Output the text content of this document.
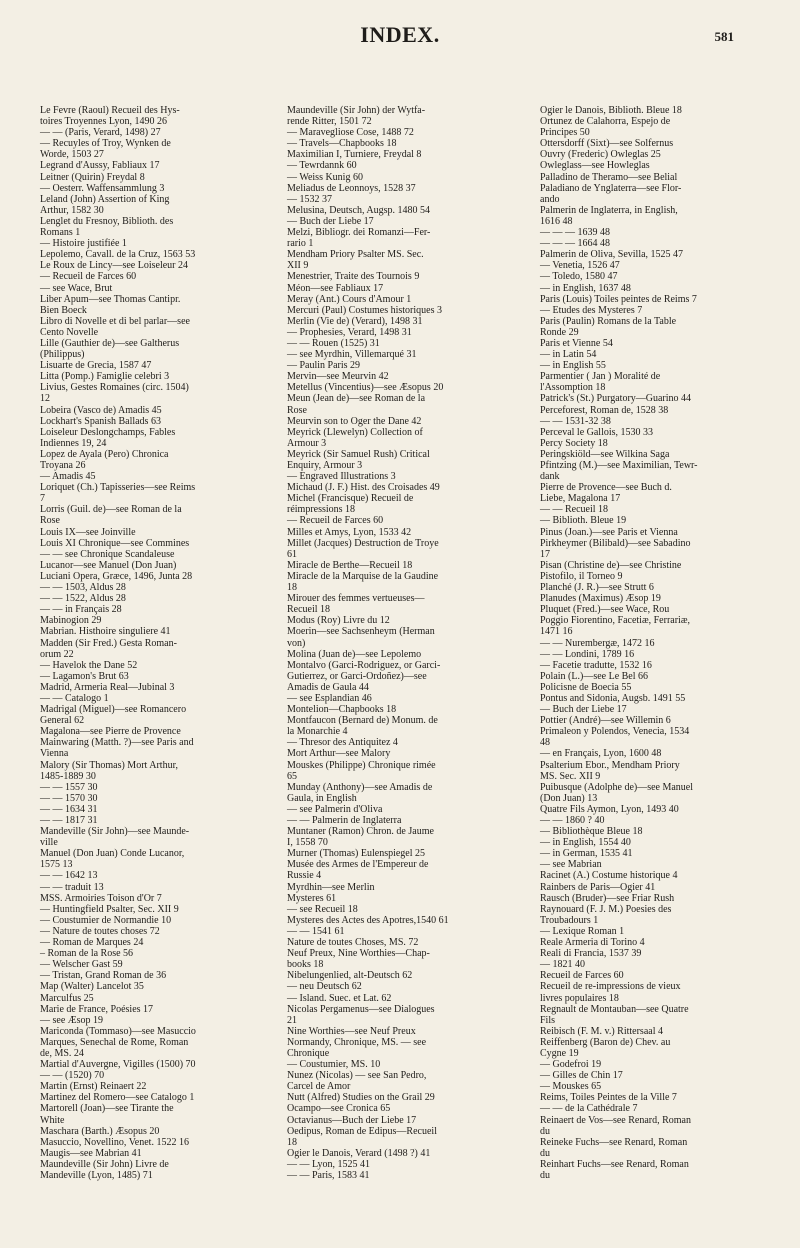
INDEX.	581
Le Fevre (Raoul) Recueil des Hys-
toires Troyennes Lyon, 1490 26
— — (Paris, Verard, 1498) 27
— Recuyles of Troy, Wynken de
Worde, 1503 27
Legrand d'Aussy, Fabliaux 17
Leitner (Quirin) Freydal 8
— Oesterr. Waffensammlung 3
Leland (John) Assertion of King
Arthur, 1582 30
Lenglet du Fresnoy, Biblioth. des
Romans 1
— Histoire justifiée 1
Lepolemo, Cavall. de la Cruz, 1563 53
Le Roux de Lincy—see Loiseleur 24
— Recueil de Farces 60
— see Wace, Brut
Liber Apum—see Thomas Cantipr.
Bien Boeck
Libro di Novelle et di bel parlar—see
Cento Novelle
Lille (Gauthier de)—see Galtherus
(Philippus)
Lisuarte de Grecia, 1587 47
Litta (Pomp.) Famiglie celebri 3
Livius, Gestes Romaines (circ. 1504)
12
Lobeira (Vasco de) Amadis 45
Lockhart's Spanish Ballads 63
Loiseleur Deslongchamps, Fables
Indiennes 19, 24
Lopez de Ayala (Pero) Chronica
Troyana 26
— Amadis 45
Loriquet (Ch.) Tapisseries—see Reims
7
Lorris (Guil. de)—see Roman de la
Rose
Louis IX—see Joinville
Louis XI Chronique—see Commines
— — see Chronique Scandaleuse
Lucanor—see Manuel (Don Juan)
Luciani Opera, Græce, 1496, Junta 28
— — 1503, Aldus 28
— — 1522, Aldus 28
— — in Français 28
Mabinogion 29
Mabrian. Histhoire singuliere 41
Madden (Sir Fred.) Gesta Roman-
orum 22
— Havelok the Dane 52
— Lagamon's Brut 63
Madrid, Armeria Real—Jubinal 3
— — Catalogo 1
Madrigal (Miguel)—see Romancero
General 62
Magalona—see Pierre de Provence
Mainwaring (Matth. ?)—see Paris and
Vienna
Malory (Sir Thomas) Mort Arthur,
1485-1889 30
— — 1557 30
— — 1570 30
— — 1634 31
— — 1817 31
Mandeville (Sir John)—see Maunde-
ville
Manuel (Don Juan) Conde Lucanor,
1575 13
— — 1642 13
— — traduit 13
MSS. Armoiries Toison d'Or 7
— Huntingfield Psalter, Sec. XII 9
— Coustumier de Normandie 10
— Nature de toutes choses 72
— Roman de Marques 24
– Roman de la Rose 56
— Welscher Gast 59
— Tristan, Grand Roman de 36
Map (Walter) Lancelot 35
Marculfus 25
Marie de France, Poésies 17
— see Æsop 19
Mariconda (Tommaso)—see Masuccio
Marques, Senechal de Rome, Roman
de, MS. 24
Martial d'Auvergne, Vigilles (1500) 70
— — (1520) 70
Martin (Ernst) Reinaert 22
Martinez del Romero—see Catalogo 1
Martorell (Joan)—see Tirante the
White
Maschara (Barth.) Æsopus 20
Masuccio, Novellino, Venet. 1522 16
Maugis—see Mabrian 41
Maundeville (Sir John) Livre de
Mandeville (Lyon, 1485) 71
Maundeville (Sir John) der Wytfa-
rende Ritter, 1501 72
— Maravegliose Cose, 1488 72
— Travels—Chapbooks 18
Maximilian I, Turniere, Freydal 8
— Tewrdannk 60
— Weiss Kunig 60
Meliadus de Leonnoys, 1528 37
— 1532 37
Melusina, Deutsch, Augsp. 1480 54
— Buch der Liebe 17
Melzi, Bibliogr. dei Romanzi—Fer-
rario 1
Mendham Priory Psalter MS. Sec.
XII 9
Menestrier, Traite des Tournois 9
Méon—see Fabliaux 17
Meray (Ant.) Cours d'Amour 1
Mercuri (Paul) Costumes historiques 3
Merlin (Vie de) (Verard), 1498 31
— Prophesies, Verard, 1498 31
— — Rouen (1525) 31
— see Myrdhin, Villemarqué 31
— Paulin Paris 29
Mervin—see Meurvin 42
Metellus (Vincentius)—see Æsopus 20
Meun (Jean de)—see Roman de la
Rose
Meurvin son to Oger the Dane 42
Meyrick (Llewelyn) Collection of
Armour 3
Meyrick (Sir Samuel Rush) Critical
Enquiry, Armour 3
— Engraved Illustrations 3
Michaud (J. F.) Hist. des Croisades 49
Michel (Francisque) Recueil de
réimpressions 18
— Recueil de Farces 60
Milles et Amys, Lyon, 1533 42
Millet (Jacques) Destruction de Troye
61
Miracle de Berthe—Recueil 18
Miracle de la Marquise de la Gaudine
18
Mirouer des femmes vertueuses—
Recueil 18
Modus (Roy) Livre du 12
Moerin—see Sachsenheym (Herman
von)
Molina (Juan de)—see Lepolemo
Montalvo (Garci-Rodriguez, or Garci-
Gutierrez, or Garci-Ordoñez)—see
Amadis de Gaula 44
— see Esplandian 46
Montelion—Chapbooks 18
Montfaucon (Bernard de) Monum. de
la Monarchie 4
— Thresor des Antiquitez 4
Mort Arthur—see Malory
Mouskes (Philippe) Chronique rimée
65
Munday (Anthony)—see Amadis de
Gaula, in English
— see Palmerin d'Oliva
— — Palmerin de Inglaterra
Muntaner (Ramon) Chron. de Jaume
I, 1558 70
Murner (Thomas) Eulenspiegel 25
Musée des Armes de l'Empereur de
Russie 4
Myrdhin—see Merlin
Mysteres 61
— see Recueil 18
Mysteres des Actes des Apotres,1540 61
— — 1541 61
Nature de toutes Choses, MS. 72
Neuf Preux, Nine Worthies—Chap-
books 18
Nibelungenlied, alt-Deutsch 62
— neu Deutsch 62
— Island. Suec. et Lat. 62
Nicolas Pergamenus—see Dialogues
21
Nine Worthies—see Neuf Preux
Normandy, Chronique, MS. — see
Chronique
— Coustumier, MS. 10
Nunez (Nicolas) — see San Pedro,
Carcel de Amor
Nutt (Alfred) Studies on the Grail 29
Ocampo—see Cronica 65
Octavianus—Buch der Liebe 17
Oedipus, Roman de Edipus—Recueil
18
Ogier le Danois, Verard (1498 ?) 41
— — Lyon, 1525 41
— — Paris, 1583 41
Ogier le Danois, Biblioth. Bleue 18
Ortunez de Calahorra, Espejo de
Principes 50
Ottersdorff (Sixt)—see Solfernus
Ouvry (Frederic) Owleglas 25
Owleglass—see Howleglas
Palladino de Theramo—see Belial
Paladiano de Ynglaterra—see Flor-
ando
Palmerin de Inglaterra, in English,
1616 48
— — — 1639 48
— — — 1664 48
Palmerin de Oliva, Sevilla, 1525 47
— Venetia, 1526 47
— Toledo, 1580 47
— in English, 1637 48
Paris (Louis) Toiles peintes de Reims 7
— Etudes des Mysteres 7
Paris (Paulin) Romans de la Table
Ronde 29
Paris et Vienne 54
— in Latin 54
— in English 55
Parmentier ( Jan ) Moralité de
l'Assomption 18
Patrick's (St.) Purgatory—Guarino 44
Perceforest, Roman de, 1528 38
— — 1531-32 38
Perceval le Gallois, 1530 33
Percy Society 18
Peringskiöld—see Wilkina Saga
Pfintzing (M.)—see Maximilian, Tewr-
dank
Pierre de Provence—see Buch d.
Liebe, Magalona 17
— — Recueil 18
— Biblioth. Bleue 19
Pinus (Joan.)—see Paris et Vienna
Pirkheymer (Bilibald)—see Sabadino
17
Pisan (Christine de)—see Christine
Pistofilo, il Torneo 9
Planché (J. R.)—see Strutt 6
Planudes (Maximus) Æsop 19
Pluquet (Fred.)—see Wace, Rou
Poggio Fiorentino, Facetiæ, Ferrariæ,
1471 16
— — Nurembergæ, 1472 16
— — Londini, 1789 16
— Facetie tradutte, 1532 16
Polain (L.)—see Le Bel 66
Policisne de Boecia 55
Pontus and Sidonia, Augsb. 1491 55
— Buch der Liebe 17
Pottier (André)—see Willemin 6
Primaleon y Polendos, Venecia, 1534
48
— en Français, Lyon, 1600 48
Psalterium Ebor., Mendham Priory
MS. Sec. XII 9
Puibusque (Adolphe de)—see Manuel
(Don Juan) 13
Quatre Fils Aymon, Lyon, 1493 40
— — 1860 ? 40
— Bibliothèque Bleue 18
— in English, 1554 40
— in German, 1535 41
— see Mabrian
Racinet (A.) Costume historique 4
Rainbers de Paris—Ogier 41
Rausch (Bruder)—see Friar Rush
Raynouard (F. J. M.) Poesies des
Troubadours 1
— Lexique Roman 1
Reale Armeria di Torino 4
Reali di Francia, 1537 39
— 1821 40
Recueil de Farces 60
Recueil de re-impressions de vieux
livres populaires 18
Regnault de Montauban—see Quatre
Fils
Reibisch (F. M. v.) Rittersaal 4
Reiffenberg (Baron de) Chev. au
Cygne 19
— Godefroi 19
— Gilles de Chin 17
— Mouskes 65
Reims, Toiles Peintes de la Ville 7
— — de la Cathédrale 7
Reinaert de Vos—see Renard, Roman
du
Reineke Fuchs—see Renard, Roman
du
Reinhart Fuchs—see Renard, Roman
du
